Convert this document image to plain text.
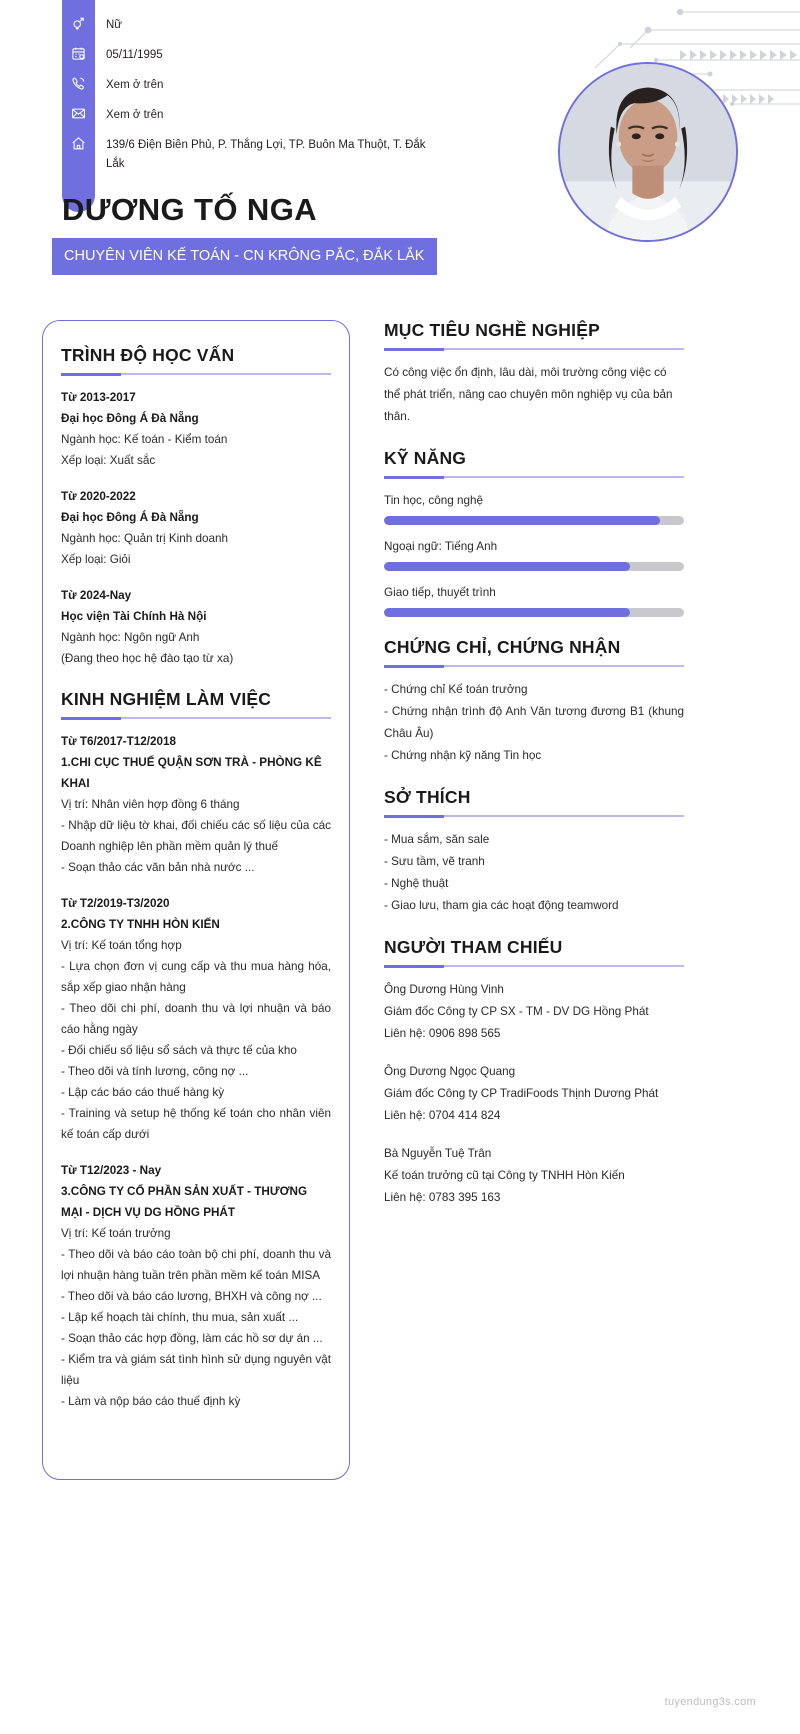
Nữ
05/11/1995
Xem ở trên
Xem ở trên
139/6 Điện Biên Phủ, P. Thắng Lợi, TP. Buôn Ma Thuột, T. Đắk Lắk
DƯƠNG TỐ NGA
CHUYÊN VIÊN KẾ TOÁN - CN KRÔNG PẮC, ĐẮK LẮK
TRÌNH ĐỘ HỌC VẤN
Từ 2013-2017
Đại học Đông Á Đà Nẵng
Ngành học: Kế toán - Kiểm toán
Xếp loại: Xuất sắc
Từ 2020-2022
Đại học Đông Á Đà Nẵng
Ngành học: Quản trị Kinh doanh
Xếp loại: Giỏi
Từ 2024-Nay
Học viện Tài Chính Hà Nội
Ngành học: Ngôn ngữ Anh
(Đang theo học hệ đào tạo từ xa)
KINH NGHIỆM LÀM VIỆC
Từ T6/2017-T12/2018
1.CHI CỤC THUẾ QUẬN SƠN TRÀ - PHÒNG KÊ KHAI
Vị trí: Nhân viên hợp đồng 6 tháng
- Nhập dữ liệu tờ khai, đối chiếu các số liệu của các Doanh nghiệp lên phần mềm quản lý thuế
- Soạn thảo các văn bản nhà nước ...
Từ T2/2019-T3/2020
2.CÔNG TY TNHH HÒN KIẾN
Vị trí: Kế toán tổng hợp
- Lựa chọn đơn vị cung cấp và thu mua hàng hóa, sắp xếp giao nhận hàng
- Theo dõi chi phí, doanh thu và lợi nhuận và báo cáo hằng ngày
- Đối chiếu số liệu sổ sách và thực tế của kho
- Theo dõi và tính lương, công nợ ...
- Lập các báo cáo thuế hàng kỳ
- Training và setup hệ thống kế toán cho nhân viên kế toán cấp dưới
Từ T12/2023 - Nay
3.CÔNG TY CỔ PHẦN SẢN XUẤT - THƯƠNG MẠI - DỊCH VỤ DG HỒNG PHÁT
Vị trí: Kế toán trưởng
- Theo dõi và báo cáo toàn bộ chi phí, doanh thu và lợi nhuận hàng tuần trên phần mềm kế toán MISA
- Theo dõi và báo cáo lương, BHXH và công nợ ...
- Lập kế hoạch tài chính, thu mua, sản xuất ...
- Soạn thảo các hợp đồng, làm các hồ sơ dự án ...
- Kiểm tra và giám sát tình hình sử dụng nguyên vật liệu
- Làm và nộp báo cáo thuế định kỳ
MỤC TIÊU NGHỀ NGHIỆP
Có công việc ổn định, lâu dài, môi trường công việc có thể phát triển, nâng cao chuyên môn nghiệp vụ của bản thân.
KỸ NĂNG
Tin học, công nghệ
Ngoại ngữ: Tiếng Anh
Giao tiếp, thuyết trình
CHỨNG CHỈ, CHỨNG NHẬN
- Chứng chỉ Kế toán trưởng
- Chứng nhận trình độ Anh Văn tương đương B1 (khung Châu Âu)
- Chứng nhận kỹ năng Tin học
SỞ THÍCH
- Mua sắm, săn sale
- Sưu tầm, vẽ tranh
- Nghệ thuật
- Giao lưu, tham gia các hoạt động teamword
NGƯỜI THAM CHIẾU
Ông Dương Hùng Vinh
Giám đốc Công ty CP SX - TM - DV DG Hồng Phát
Liên hệ: 0906 898 565
Ông Dương Ngọc Quang
Giám đốc Công ty CP TradiFoods Thịnh Dương Phát
Liên hệ: 0704 414 824
Bà Nguyễn Tuệ Trân
Kế toán trưởng cũ tại Công ty TNHH Hòn Kiến
Liên hệ: 0783 395 163
tuyendung3s.com
